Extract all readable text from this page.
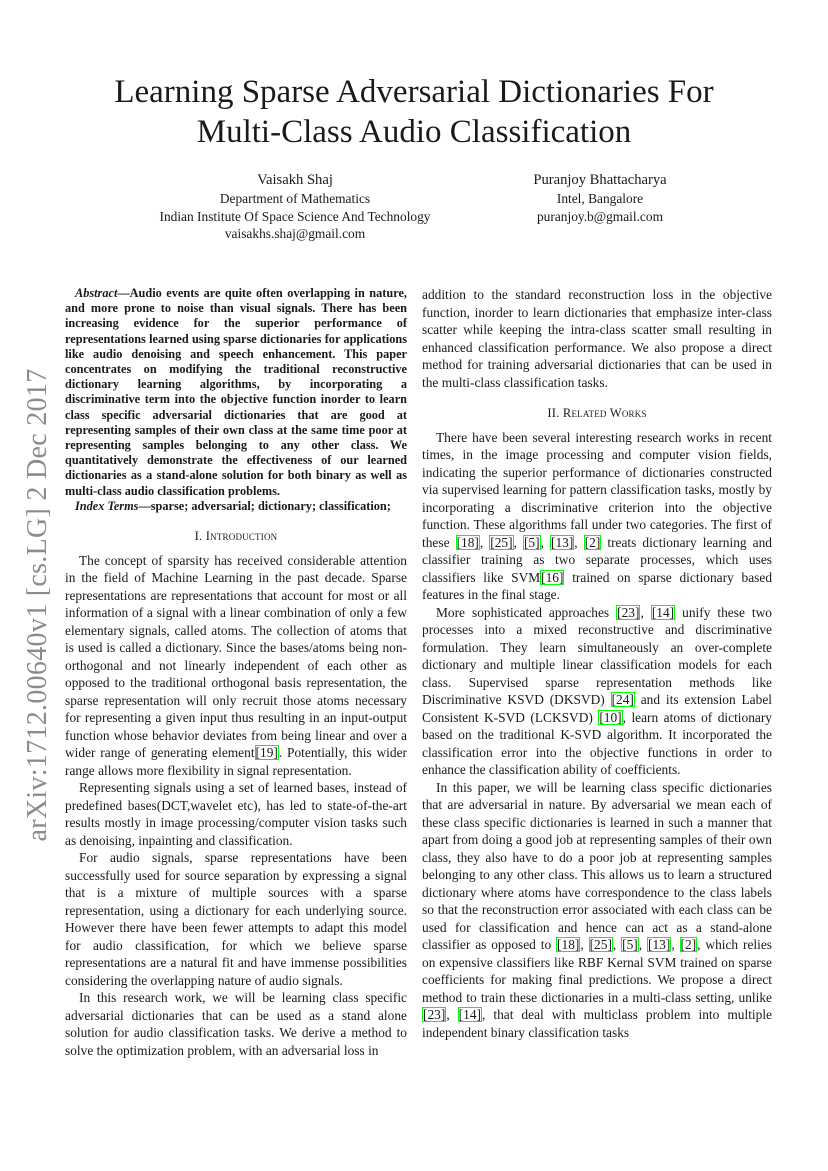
arXiv:1712.00640v1 [cs.LG] 2 Dec 2017
Learning Sparse Adversarial Dictionaries For
Multi-Class Audio Classification
Vaisakh Shaj
Department of Mathematics
Indian Institute Of Space Science And Technology
vaisakhs.shaj@gmail.com
Puranjoy Bhattacharya
Intel, Bangalore
puranjoy.b@gmail.com

Abstract—Audio events are quite often overlapping in nature, and more prone to noise than visual signals. There has been increasing evidence for the superior performance of representations learned using sparse dictionaries for applications like audio denoising and speech enhancement. This paper concentrates on modifying the traditional reconstructive dictionary learning algorithms, by incorporating a discriminative term into the objective function inorder to learn class specific adversarial dictionaries that are good at representing samples of their own class at the same time poor at representing samples belonging to any other class. We quantitatively demonstrate the effectiveness of our learned dictionaries as a stand-alone solution for both binary as well as multi-class audio classification problems.

Index Terms—sparse; adversarial; dictionary; classification;

I. Introduction

The concept of sparsity has received considerable attention in the field of Machine Learning in the past decade. Sparse representations are representations that account for most or all information of a signal with a linear combination of only a few elementary signals, called atoms. The collection of atoms that is used is called a dictionary. Since the bases/atoms being non-orthogonal and not linearly independent of each other as opposed to the traditional orthogonal basis representation, the sparse representation will only recruit those atoms necessary for representing a given input thus resulting in an input-output function whose behavior deviates from being linear and over a wider range of generating element[19]. Potentially, this wider range allows more flexibility in signal representation.

Representing signals using a set of learned bases, instead of predefined bases(DCT,wavelet etc), has led to state-of-the-art results mostly in image processing/computer vision tasks such as denoising, inpainting and classification.

For audio signals, sparse representations have been successfully used for source separation by expressing a signal that is a mixture of multiple sources with a sparse representation, using a dictionary for each underlying source. However there have been fewer attempts to adapt this model for audio classification, for which we believe sparse representations are a natural fit and have immense possibilities considering the overlapping nature of audio signals.

In this research work, we will be learning class specific adversarial dictionaries that can be used as a stand alone solution for audio classification tasks. We derive a method to solve the optimization problem, with an adversarial loss in

addition to the standard reconstruction loss in the objective function, inorder to learn dictionaries that emphasize inter-class scatter while keeping the intra-class scatter small resulting in enhanced classification performance. We also propose a direct method for training adversarial dictionaries that can be used in the multi-class classification tasks.

II. Related Works

There have been several interesting research works in recent times, in the image processing and computer vision fields, indicating the superior performance of dictionaries constructed via supervised learning for pattern classification tasks, mostly by incorporating a discriminative criterion into the objective function. These algorithms fall under two categories. The first of these [18], [25], [5], [13], [2] treats dictionary learning and classifier training as two separate processes, which uses classifiers like SVM[16] trained on sparse dictionary based features in the final stage.

More sophisticated approaches [23], [14] unify these two processes into a mixed reconstructive and discriminative formulation. They learn simultaneously an over-complete dictionary and multiple linear classification models for each class. Supervised sparse representation methods like Discriminative KSVD (DKSVD) [24] and its extension Label Consistent K-SVD (LCKSVD) [10], learn atoms of dictionary based on the traditional K-SVD algorithm. It incorporated the classification error into the objective functions in order to enhance the classification ability of coefficients.

In this paper, we will be learning class specific dictionaries that are adversarial in nature. By adversarial we mean each of these class specific dictionaries is learned in such a manner that apart from doing a good job at representing samples of their own class, they also have to do a poor job at representing samples belonging to any other class. This allows us to learn a structured dictionary where atoms have correspondence to the class labels so that the reconstruction error associated with each class can be used for classification and hence can act as a stand-alone classifier as opposed to [18], [25], [5], [13], [2], which relies on expensive classifiers like RBF Kernal SVM trained on sparse coefficients for making final predictions. We propose a direct method to train these dictionaries in a multi-class setting, unlike [23], [14], that deal with multiclass problem into multiple independent binary classification tasks
